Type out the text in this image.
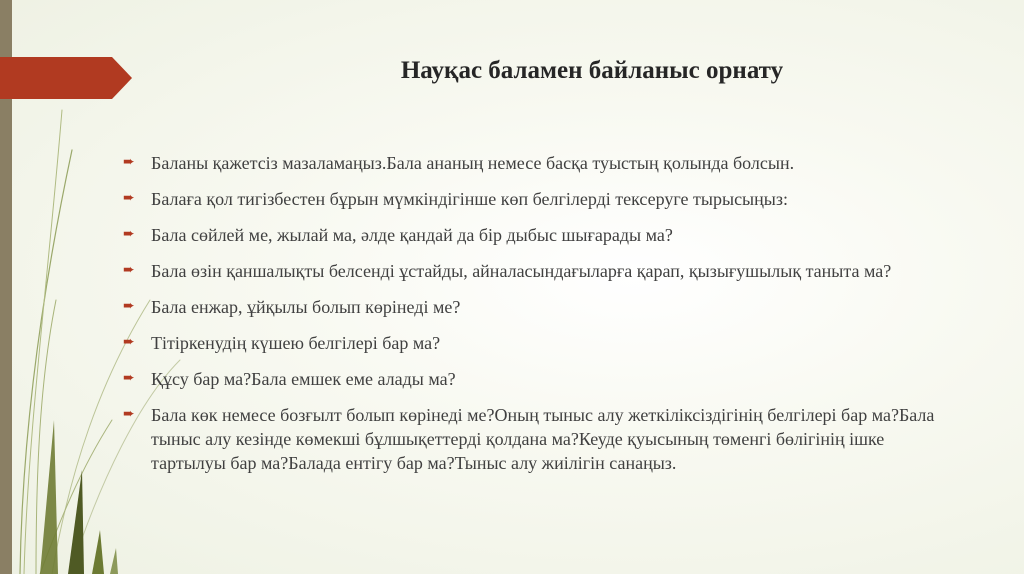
Науқас баламен байланыс орнату
➨ Баланы қажетсіз мазаламаңыз.Бала ананың немесе басқа туыстың қолында болсын.
➨ Балаға қол тигізбестен бұрын мүмкіндігінше көп белгілерді тексеруге тырысыңыз:
➨ Бала сөйлей ме, жылай ма, әлде қандай да бір дыбыс шығарады ма?
➨ Бала өзін қаншалықты белсенді ұстайды, айналасындағыларға қарап, қызығушылық таныта ма?
➨ Бала енжар, ұйқылы болып көрінеді ме?
➨ Тітіркенудің күшею белгілері бар ма?
➨ Құсу бар ма?Бала емшек еме алады ма?
➨ Бала көк немесе бозғылт болып көрінеді ме?Оның тыныс алу жеткіліксіздігінің белгілері бар ма?Бала тыныс алу кезінде көмекші бұлшықеттерді қолдана ма?Кеуде қуысының төменгі бөлігінің ішке тартылуы бар ма?Балада ентігу бар ма?Тыныс алу жиілігін санаңыз.
